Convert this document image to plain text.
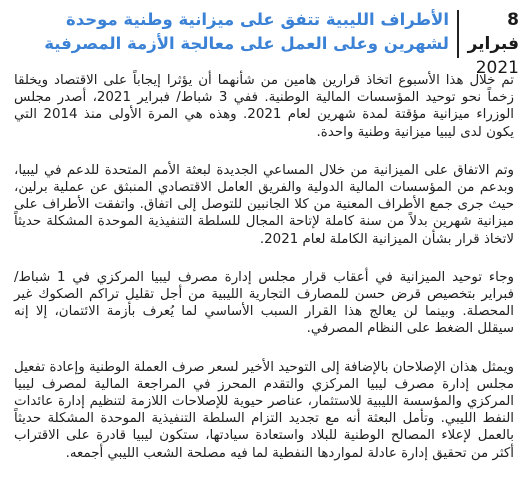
8 فبراير
2021
الأطراف الليبية تتفق على ميزانية وطنية موحدة لشهرين وعلى العمل على معالجة الأزمة المصرفية

تم خلال هذا الأسبوع اتخاذ قرارين هامين من شأنهما أن يؤثرا إيجاباً على الاقتصاد ويخلقا زخماً نحو توحيد المؤسسات المالية الوطنية. ففي 3 شباط/ فبراير 2021، أصدر مجلس الوزراء ميزانية مؤقتة لمدة شهرين لعام 2021. وهذه هي المرة الأولى منذ 2014 التي يكون لدى ليبيا ميزانية وطنية واحدة.

وتم الاتفاق على الميزانية من خلال المساعي الجديدة لبعثة الأمم المتحدة للدعم في ليبيا، وبدعم من المؤسسات المالية الدولية والفريق العامل الاقتصادي المنبثق عن عملية برلين، حيث جرى جمع الأطراف المعنية من كلا الجانبين للتوصل إلى اتفاق. واتفقت الأطراف على ميزانية شهرين بدلاً من سنة كاملة لإتاحة المجال للسلطة التنفيذية الموحدة المشكلة حديثاً لاتخاذ قرار بشأن الميزانية الكاملة لعام 2021.

وجاء توحيد الميزانية في أعقاب قرار مجلس إدارة مصرف ليبيا المركزي في 1 شباط/ فبراير بتخصيص قرض حسن للمصارف التجارية الليبية من أجل تقليل تراكم الصكوك غير المحصلة. وبينما لن يعالج هذا القرار السبب الأساسي لما يُعرف بأزمة الائتمان، إلا إنه سيقلل الضغط على النظام المصرفي.

ويمثل هذان الإصلاحان بالإضافة إلى التوحيد الأخير لسعر صرف العملة الوطنية وإعادة تفعيل مجلس إدارة مصرف ليبيا المركزي والتقدم المحرز في المراجعة المالية لمصرف ليبيا المركزي والمؤسسة الليبية للاستثمار، عناصر حيوية للإصلاحات اللازمة لتنظيم إدارة عائدات النفط الليبي. وتأمل البعثة أنه مع تجديد التزام السلطة التنفيذية الموحدة المشكلة حديثاً بالعمل لإعلاء المصالح الوطنية للبلاد واستعادة سيادتها، ستكون ليبيا قادرة على الاقتراب أكثر من تحقيق إدارة عادلة لمواردها النفطية لما فيه مصلحة الشعب الليبي أجمعه.
